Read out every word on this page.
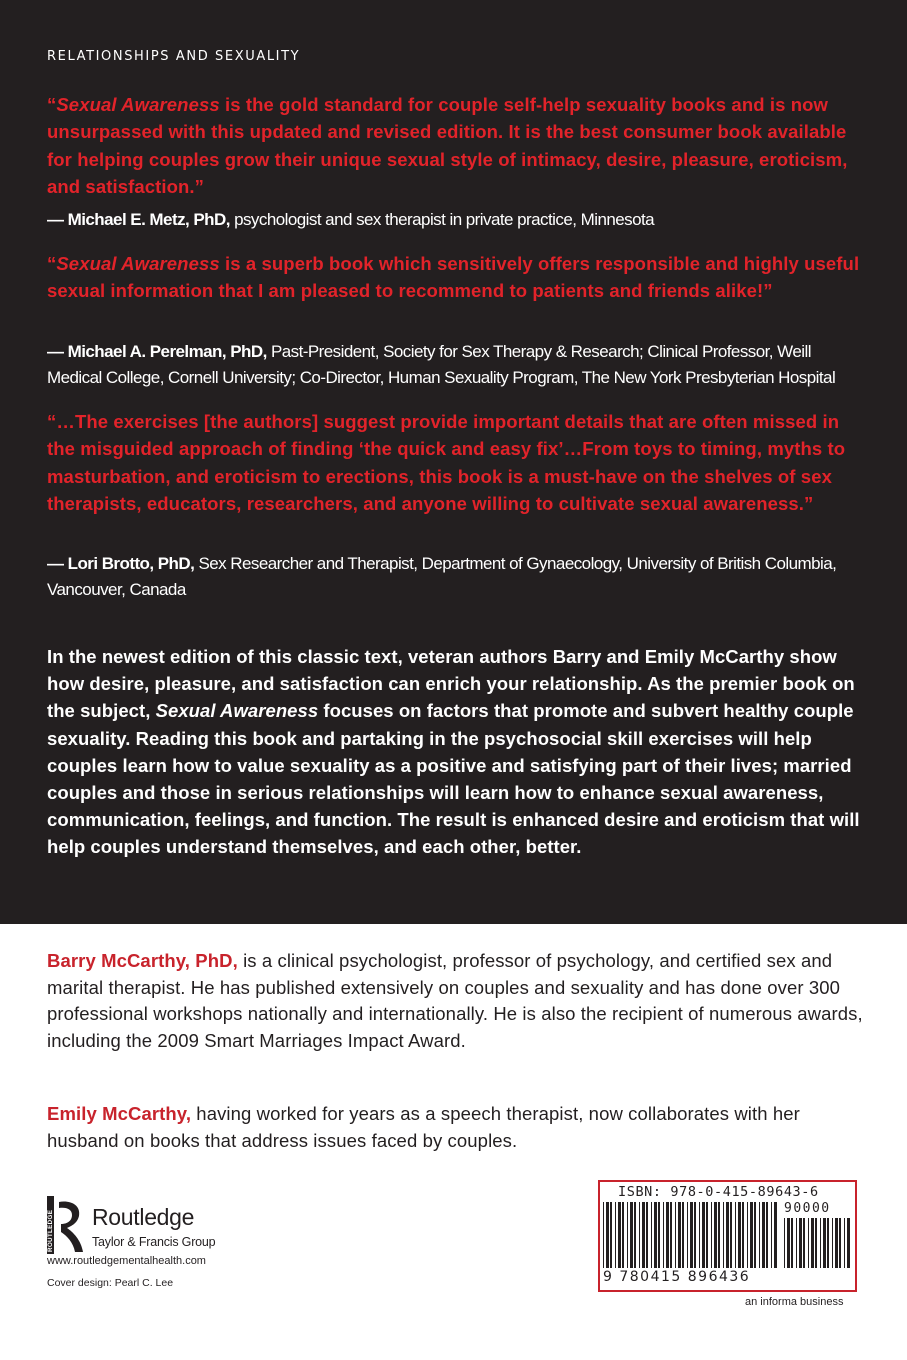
RELATIONSHIPS AND SEXUALITY

“Sexual Awareness is the gold standard for couple self-help sexuality books and is now unsurpassed with this updated and revised edition. It is the best consumer book available for helping couples grow their unique sexual style of intimacy, desire, pleasure, eroticism, and satisfaction.”

— Michael E. Metz, PhD, psychologist and sex therapist in private practice, Minnesota

“Sexual Awareness is a superb book which sensitively offers responsible and highly useful sexual information that I am pleased to recommend to patients and friends alike!”

— Michael A. Perelman, PhD, Past-President, Society for Sex Therapy & Research; Clinical Professor, Weill Medical College, Cornell University; Co-Director, Human Sexuality Program, The New York Presbyterian Hospital

“…The exercises [the authors] suggest provide important details that are often missed in the misguided approach of finding ‘the quick and easy fix’…From toys to timing, myths to masturbation, and eroticism to erections, this book is a must-have on the shelves of sex therapists, educators, researchers, and anyone willing to cultivate sexual awareness.”

— Lori Brotto, PhD, Sex Researcher and Therapist, Department of Gynaecology, University of British Columbia, Vancouver, Canada

In the newest edition of this classic text, veteran authors Barry and Emily McCarthy show how desire, pleasure, and satisfaction can enrich your relationship. As the premier book on the subject, Sexual Awareness focuses on factors that promote and subvert healthy couple sexuality. Reading this book and partaking in the psychosocial skill exercises will help couples learn how to value sexuality as a positive and satisfying part of their lives; married couples and those in serious relationships will learn how to enhance sexual awareness, communication, feelings, and function. The result is enhanced desire and eroticism that will help couples understand themselves, and each other, better.

Barry McCarthy, PhD, is a clinical psychologist, professor of psychology, and certified sex and marital therapist. He has published extensively on couples and sexuality and has done over 300 professional workshops nationally and internationally. He is also the recipient of numerous awards, including the 2009 Smart Marriages Impact Award.

Emily McCarthy, having worked for years as a speech therapist, now collaborates with her husband on books that address issues faced by couples.

ROUTLEDGE Routledge
Taylor & Francis Group
www.routledgementalhealth.com
Cover design: Pearl C. Lee
ISBN: 978-0-415-89643-6
90000
9 780415 896436
an informa business
